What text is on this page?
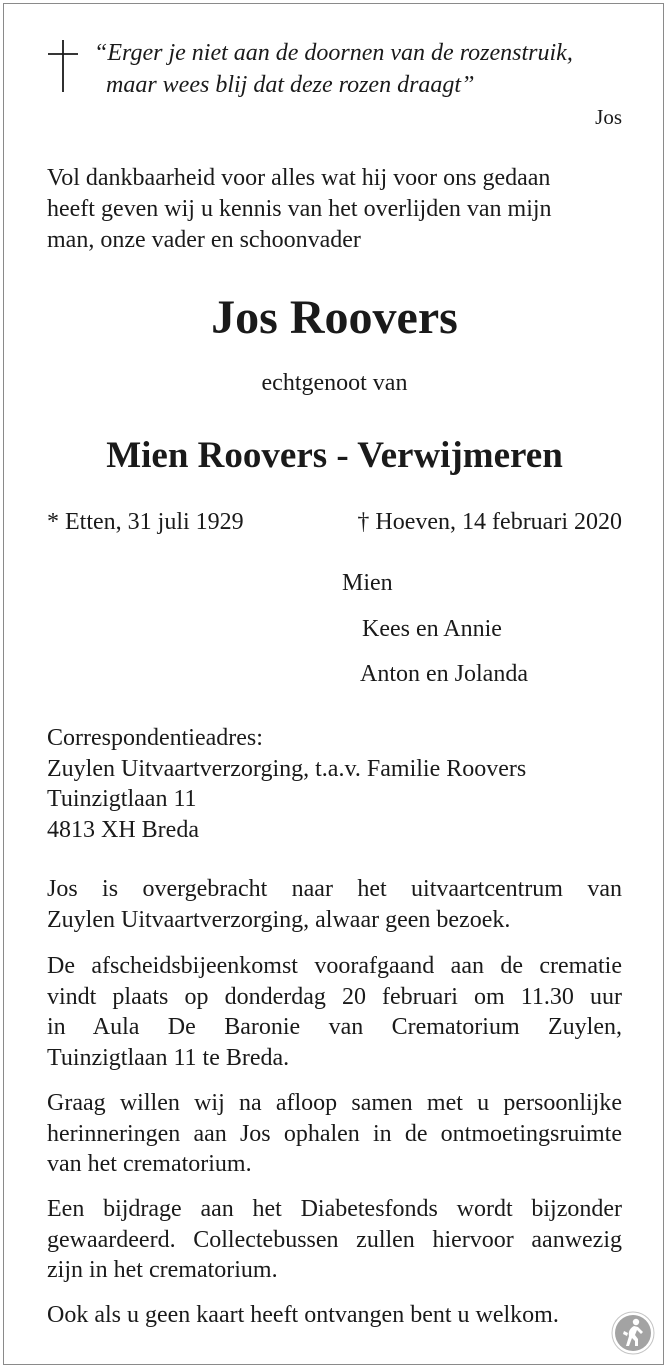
“Erger je niet aan de doornen van de rozenstruik,
maar wees blij dat deze rozen draagt”
Jos
Vol dankbaarheid voor alles wat hij voor ons gedaan
heeft geven wij u kennis van het overlijden van mijn
man, onze vader en schoonvader
Jos Roovers
echtgenoot van
Mien Roovers - Verwijmeren
* Etten, 31 juli 1929	† Hoeven, 14 februari 2020
Mien
Kees en Annie
Anton en Jolanda
Correspondentieadres:
Zuylen Uitvaartverzorging, t.a.v. Familie Roovers
Tuinzigtlaan 11
4813 XH Breda
Jos is overgebracht naar het uitvaartcentrum van
Zuylen Uitvaartverzorging, alwaar geen bezoek.
De afscheidsbijeenkomst voorafgaand aan de crematie
vindt plaats op donderdag 20 februari om 11.30 uur
in Aula De Baronie van Crematorium Zuylen,
Tuinzigtlaan 11 te Breda.
Graag willen wij na afloop samen met u persoonlijke
herinneringen aan Jos ophalen in de ontmoetingsruimte
van het crematorium.
Een bijdrage aan het Diabetesfonds wordt bijzonder
gewaardeerd. Collectebussen zullen hiervoor aanwezig
zijn in het crematorium.
Ook als u geen kaart heeft ontvangen bent u welkom.
